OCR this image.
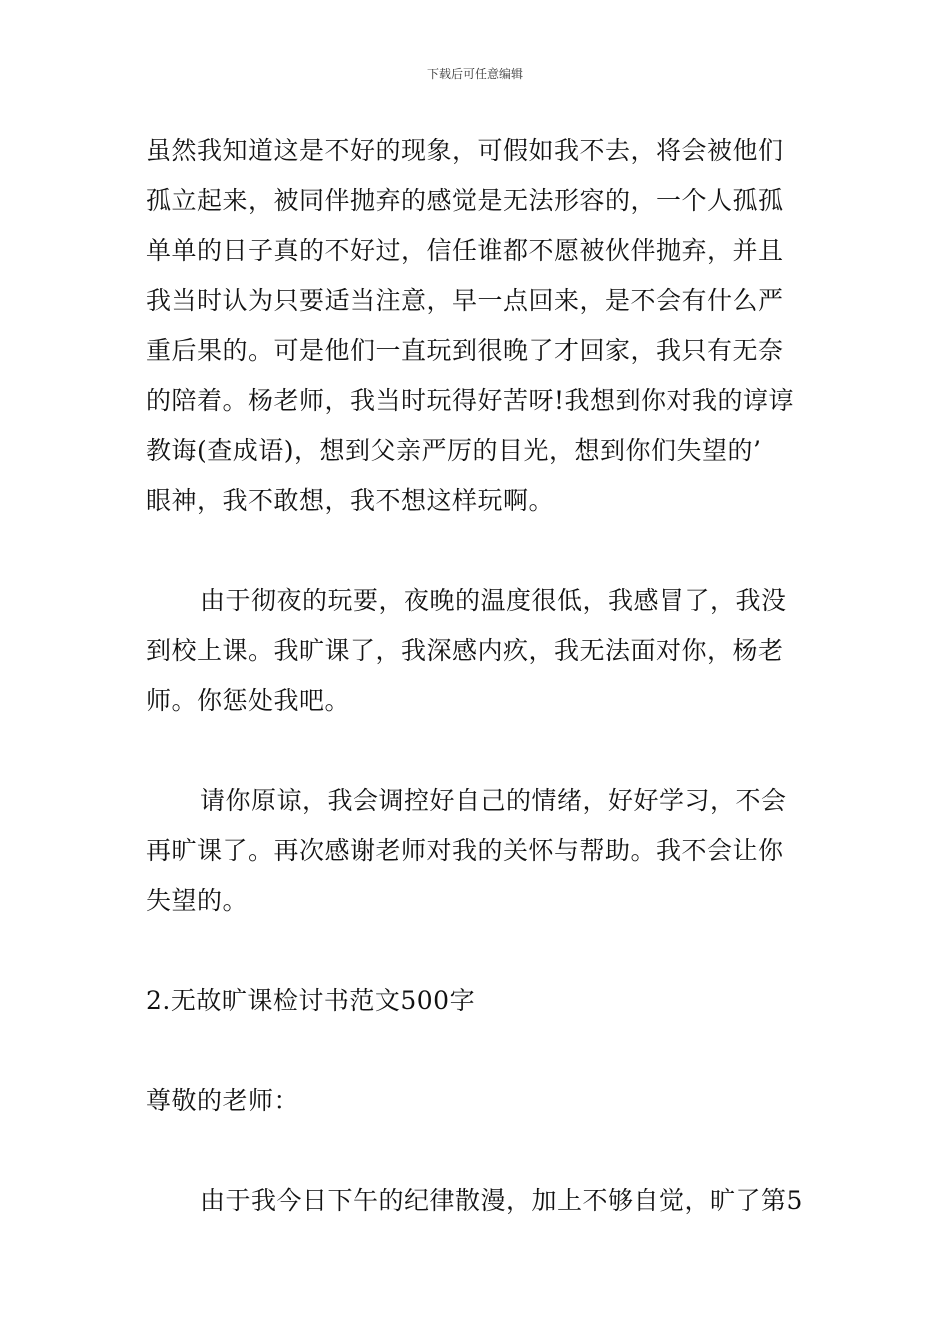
下载后可任意编辑
虽然我知道这是不好的现象，可假如我不去，将会被他们
孤立起来，被同伴抛弃的感觉是无法形容的，一个人孤孤
单单的日子真的不好过，信任谁都不愿被伙伴抛弃，并且
我当时认为只要适当注意，早一点回来，是不会有什么严
重后果的。可是他们一直玩到很晚了才回家，我只有无奈
的陪着。杨老师，我当时玩得好苦呀!我想到你对我的谆谆
教诲(查成语)，想到父亲严厉的目光，想到你们失望的’
眼神，我不敢想，我不想这样玩啊。
由于彻夜的玩要，夜晚的温度很低，我感冒了，我没
到校上课。我旷课了，我深感内疚，我无法面对你，杨老
师。你惩处我吧。
请你原谅，我会调控好自己的情绪，好好学习，不会
再旷课了。再次感谢老师对我的关怀与帮助。我不会让你
失望的。
2.无故旷课检讨书范文500字
尊敬的老师：
由于我今日下午的纪律散漫，加上不够自觉，旷了第5
